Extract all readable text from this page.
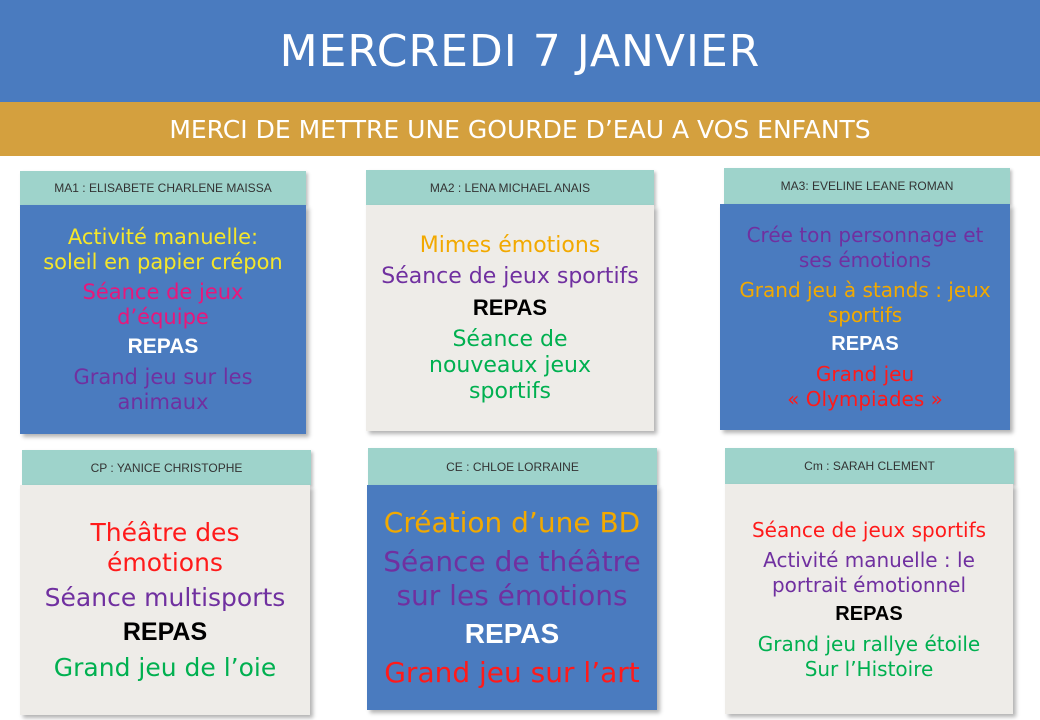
MERCREDI 7 JANVIER
MERCI DE METTRE UNE GOURDE D’EAU A VOS ENFANTS
MA1 : ELISABETE CHARLENE MAISSA
Activité manuelle:
soleil en papier crépon
Séance de jeux
d’équipe
REPAS
Grand jeu sur les
animaux
MA2 : LENA MICHAEL ANAIS
Mimes émotions
Séance de jeux sportifs
REPAS
Séance de
nouveaux jeux
sportifs
MA3: EVELINE LEANE ROMAN
Crée ton personnage et
ses émotions
Grand jeu à stands : jeux
sportifs
REPAS
Grand jeu
« Olympiades »
CP : YANICE CHRISTOPHE
Théâtre des
émotions
Séance multisports
REPAS
Grand jeu de l’oie
CE : CHLOE LORRAINE
Création d’une BD
Séance de théâtre
sur les émotions
REPAS
Grand jeu sur l’art
Cm : SARAH CLEMENT
Séance de jeux sportifs
Activité manuelle : le
portrait émotionnel
REPAS
Grand jeu rallye étoile
Sur l’Histoire
